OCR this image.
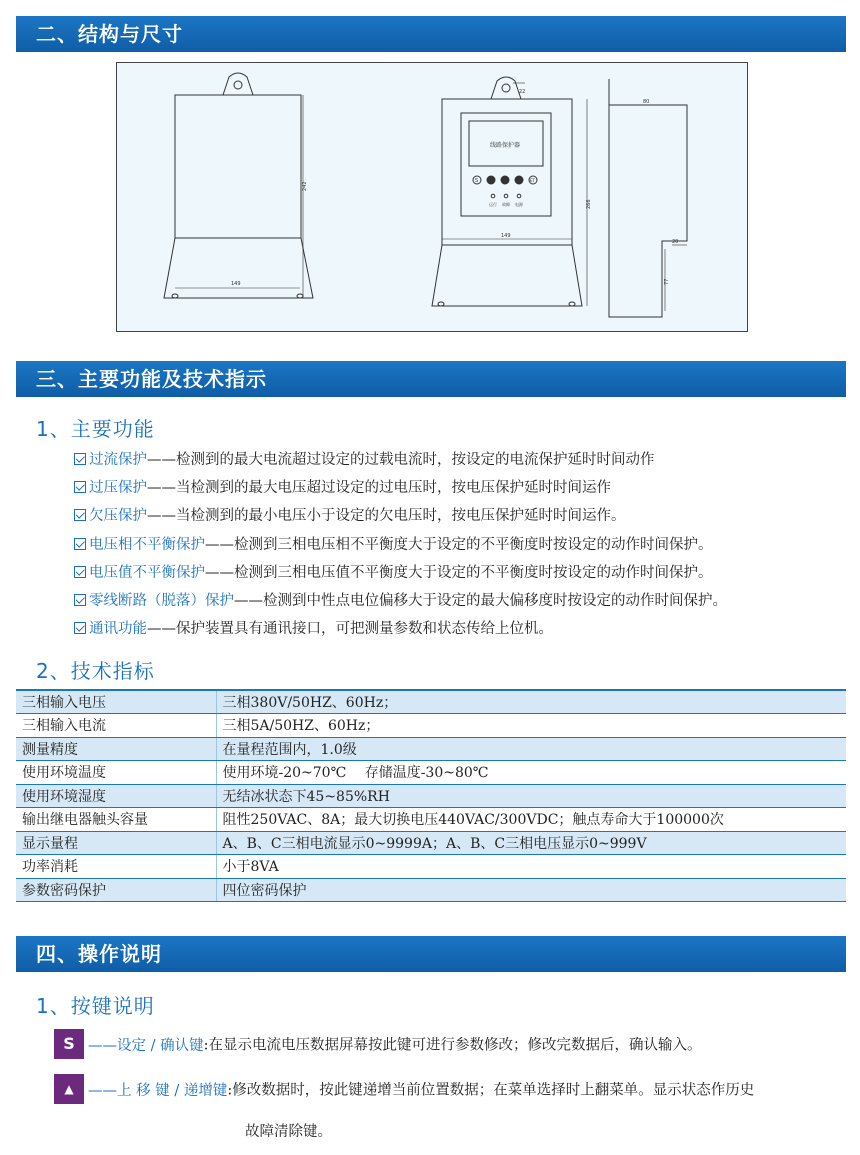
二、结构与尺寸
242
149
22
149
266
80
20
77
线路保护器
S	ET
运行 故障 电源
三、主要功能及技术指示
1、主要功能
过流保护——检测到的最大电流超过设定的过载电流时，按设定的电流保护延时时间动作
过压保护——当检测到的最大电压超过设定的过电压时，按电压保护延时时间运作
欠压保护——当检测到的最小电压小于设定的欠电压时，按电压保护延时时间运作。
电压相不平衡保护——检测到三相电压相不平衡度大于设定的不平衡度时按设定的动作时间保护。
电压值不平衡保护——检测到三相电压值不平衡度大于设定的不平衡度时按设定的动作时间保护。
零线断路（脱落）保护——检测到中性点电位偏移大于设定的最大偏移度时按设定的动作时间保护。
通讯功能——保护装置具有通讯接口，可把测量参数和状态传给上位机。
2、技术指标
三相输入电压	三相380V/50HZ、60Hz；
三相输入电流	三相5A/50HZ、60Hz；
测量精度	在量程范围内，1.0级
使用环境温度	使用环境-20~70℃　 存储温度-30~80℃
使用环境湿度	无结冰状态下45~85%RH
输出继电器触头容量	阻性250VAC、8A；最大切换电压440VAC/300VDC；触点寿命大于100000次
显示量程	A、B、C三相电流显示0~9999A；A、B、C三相电压显示0~999V
功率消耗	小于8VA
参数密码保护	四位密码保护
四、操作说明
1、按键说明
S ——设定 / 确认键:在显示电流电压数据屏幕按此键可进行参数修改；修改完数据后，确认输入。
▲ ——上 移 键 / 递增键:修改数据时，按此键递增当前位置数据；在菜单选择时上翻菜单。显示状态作历史
故障清除键。
